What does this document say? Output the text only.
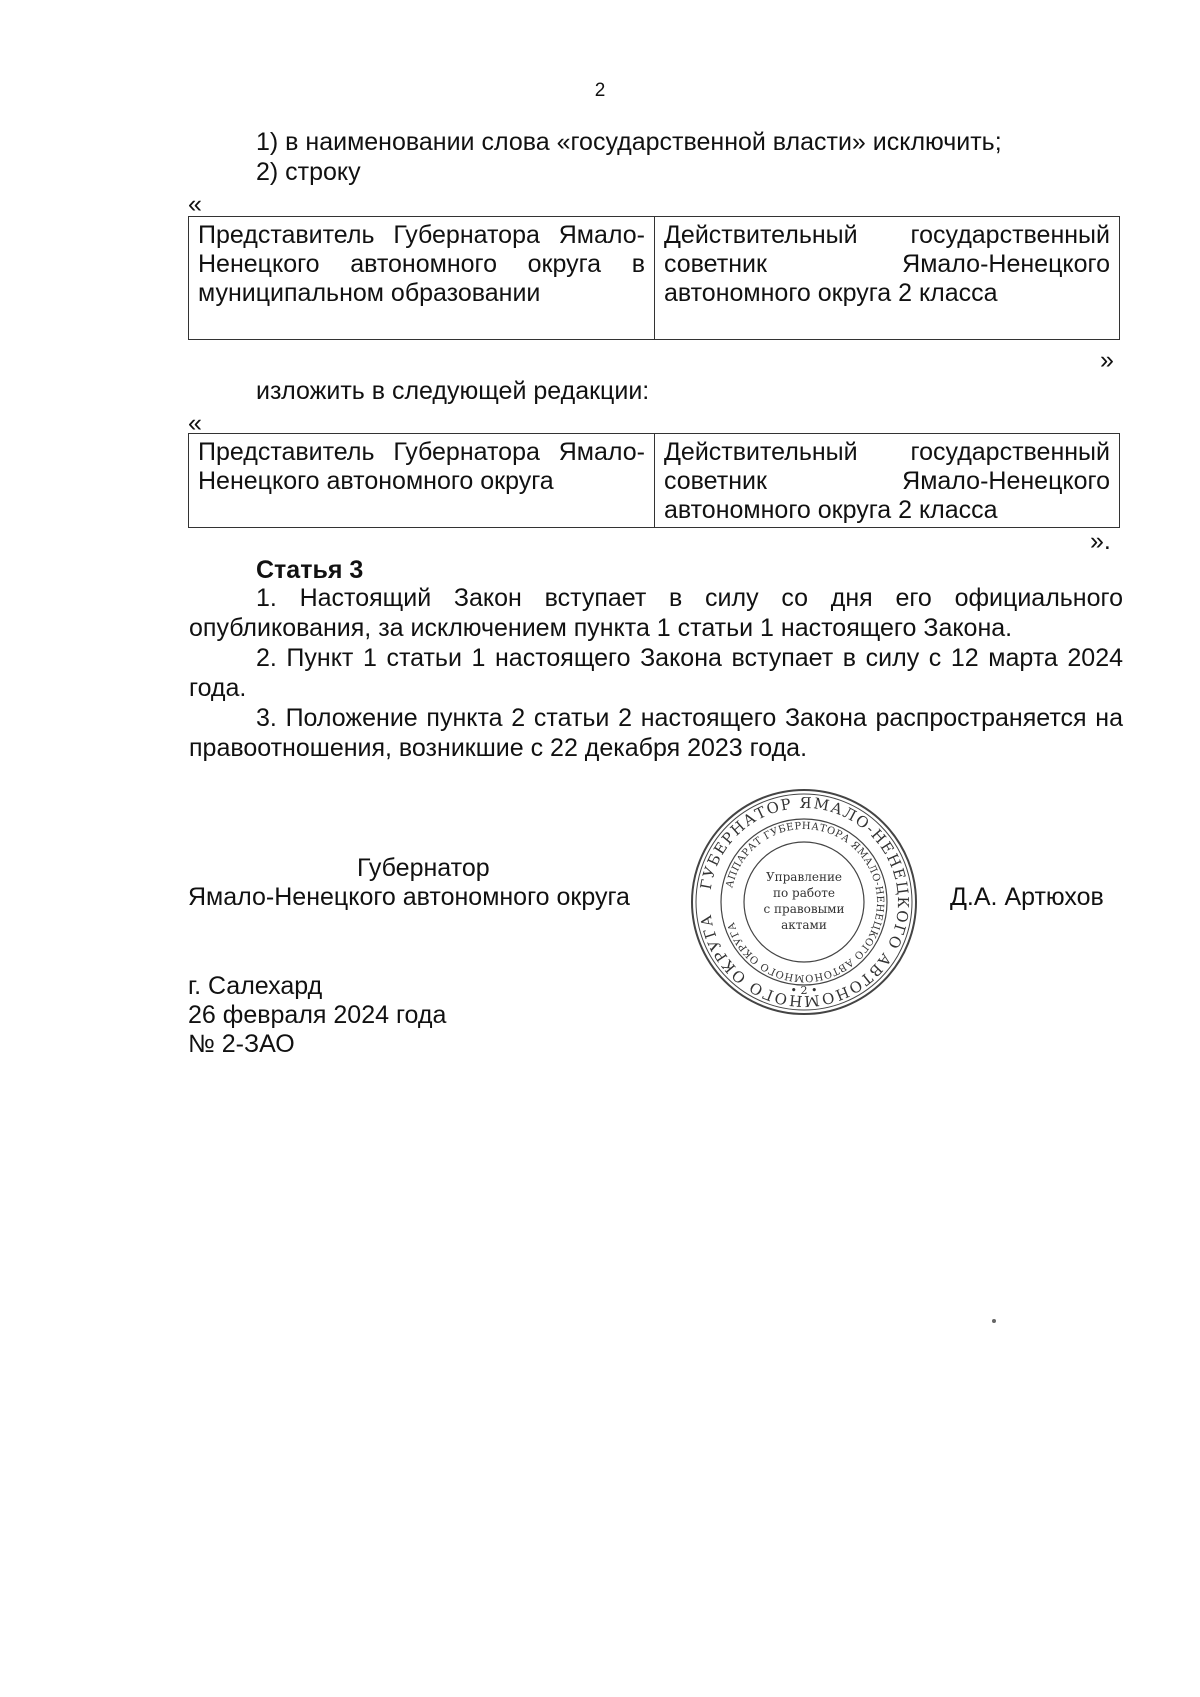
2
1) в наименовании слова «государственной власти» исключить;
2) строку
«
Представитель Губернатора Ямало-Ненецкого автономного округа в муниципальном образовании	Действительный государственный советник Ямало-Ненецкого автономного округа 2 класса
»
изложить в следующей редакции:
«
Представитель Губернатора Ямало-Ненецкого автономного округа	Действительный государственный советник Ямало-Ненецкого автономного округа 2 класса
».
Статья 3
1. Настоящий Закон вступает в силу со дня его официального опубликования, за исключением пункта 1 статьи 1 настоящего Закона.
2. Пункт 1 статьи 1 настоящего Закона вступает в силу с 12 марта 2024 года.
3. Положение пункта 2 статьи 2 настоящего Закона распространяется на правоотношения, возникшие с 22 декабря 2023 года.
Губернатор
Ямало-Ненецкого автономного округа	Д.А. Артюхов
ГУБЕРНАТОР ЯМАЛО-НЕНЕЦКОГО АВТОНОМНОГО ОКРУГА
АППАРАТ ГУБЕРНАТОРА ЯМАЛО-НЕНЕЦКОГО АВТОНОМНОГО ОКРУГА
Управление
по работе
с правовыми
актами
• 2 •
г. Салехард
26 февраля 2024 года
№ 2-ЗАО
